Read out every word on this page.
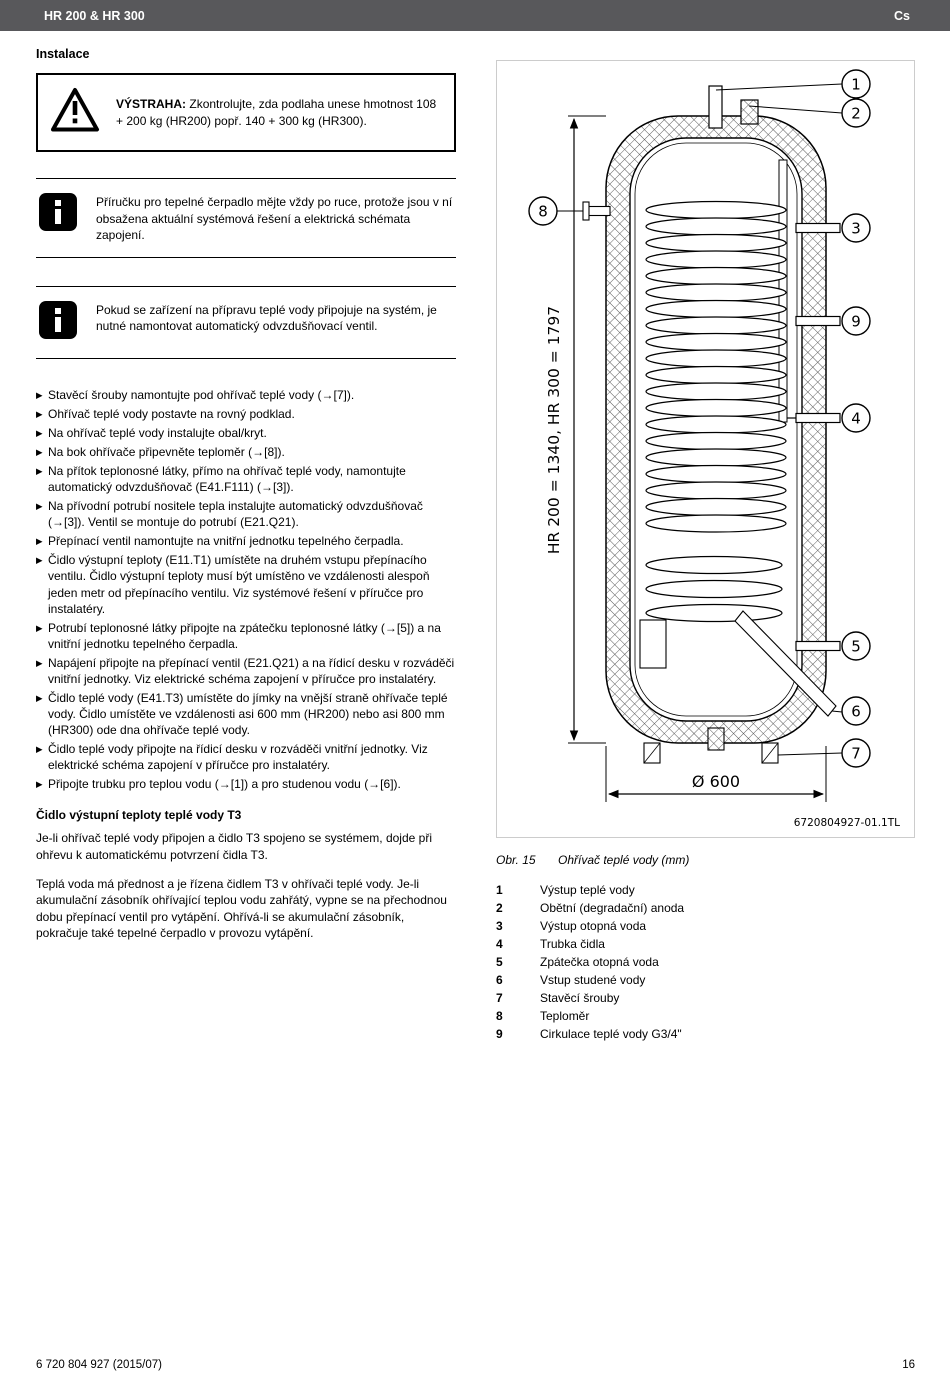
HR 200 & HR 300	Cs
Instalace
VÝSTRAHA: Zkontrolujte, zda podlaha unese hmotnost 108 + 200 kg (HR200) popř. 140 + 300 kg (HR300).
Příručku pro tepelné čerpadlo mějte vždy po ruce, protože jsou v ní obsažena aktuální systémová řešení a elektrická schémata zapojení.
Pokud se zařízení na přípravu teplé vody připojuje na systém, je nutné namontovat automatický odvzdušňovací ventil.
▶ Stavěcí šrouby namontujte pod ohřívač teplé vody (→[7]).
▶ Ohřívač teplé vody postavte na rovný podklad.
▶ Na ohřívač teplé vody instalujte obal/kryt.
▶ Na bok ohřívače připevněte teploměr (→[8]).
▶ Na přítok teplonosné látky, přímo na ohřívač teplé vody, namontujte automatický odvzdušňovač (E41.F111) (→[3]).
▶ Na přívodní potrubí nositele tepla instalujte automatický odvzdušňovač (→[3]). Ventil se montuje do potrubí (E21.Q21).
▶ Přepínací ventil namontujte na vnitřní jednotku tepelného čerpadla.
▶ Čidlo výstupní teploty (E11.T1) umístěte na druhém vstupu přepínacího ventilu. Čidlo výstupní teploty musí být umístěno ve vzdálenosti alespoň jeden metr od přepínacího ventilu. Viz systémové řešení v příručce pro instalatéry.
▶ Potrubí teplonosné látky připojte na zpátečku teplonosné látky (→[5]) a na vnitřní jednotku tepelného čerpadla.
▶ Napájení připojte na přepínací ventil (E21.Q21) a na řídicí desku v rozváděči vnitřní jednotky. Viz elektrické schéma zapojení v příručce pro instalatéry.
▶ Čidlo teplé vody (E41.T3) umístěte do jímky na vnější straně ohřívače teplé vody. Čidlo umístěte ve vzdálenosti asi 600 mm (HR200) nebo asi 800 mm (HR300) ode dna ohřívače teplé vody.
▶ Čidlo teplé vody připojte na řídicí desku v rozváděči vnitřní jednotky. Viz elektrické schéma zapojení v příručce pro instalatéry.
▶ Připojte trubku pro teplou vodu (→[1]) a pro studenou vodu (→[6]).
Čidlo výstupní teploty teplé vody T3

Je-li ohřívač teplé vody připojen a čidlo T3 spojeno se systémem, dojde při ohřevu k automatickému potvrzení čidla T3.

Teplá voda má přednost a je řízena čidlem T3 v ohřívači teplé vody. Je-li akumulační zásobník ohřívající teplou vodu zahřátý, vypne se na přechodnou dobu přepínací ventil pro vytápění. Ohřívá-li se akumulační zásobník, pokračuje také tepelné čerpadlo v provozu vytápění.

HR 200 = 1340, HR 300 = 1797
Ø 600
6720804927-01.1TL
1
2
3
9
4
5
6
7
8
Obr. 15	Ohřívač teplé vody (mm)
1	Výstup teplé vody
2	Obětní (degradační) anoda
3	Výstup otopná voda
4	Trubka čidla
5	Zpátečka otopná voda
6	Vstup studené vody
7	Stavěcí šrouby
8	Teploměr
9	Cirkulace teplé vody G3/4"
6 720 804 927 (2015/07)	16
